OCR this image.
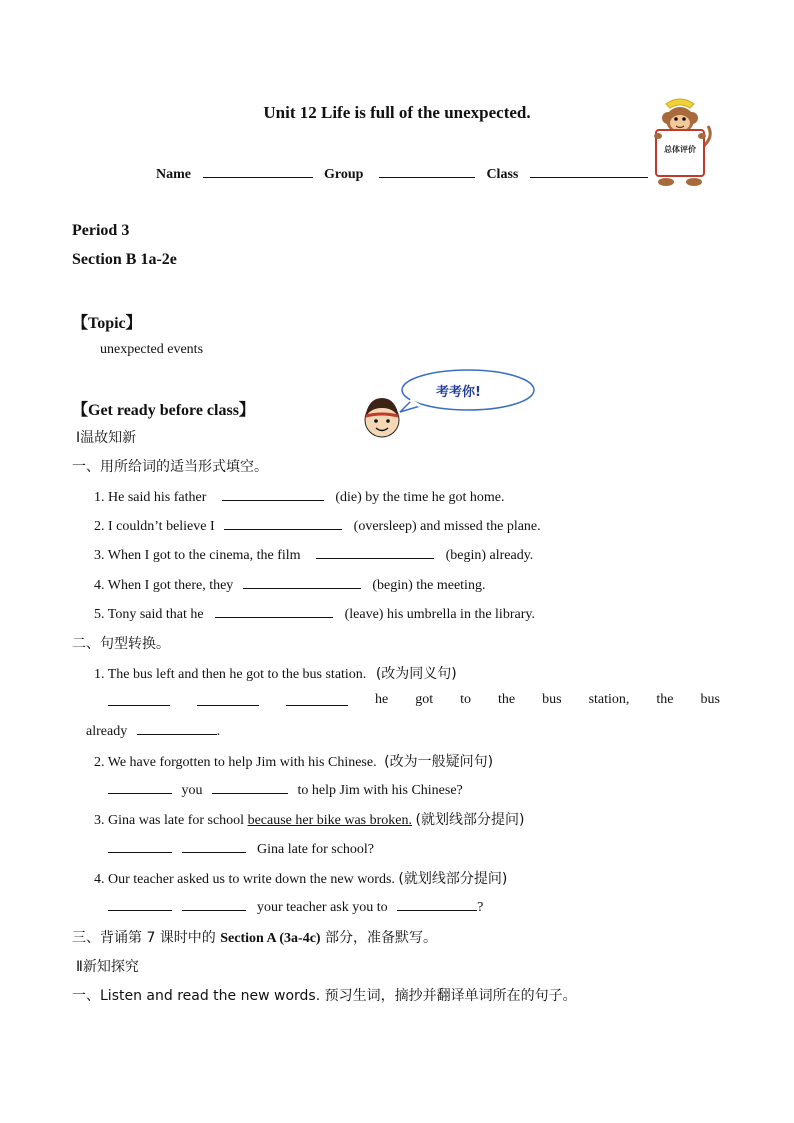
Unit 12 Life is full of the unexpected.
Name	Group	Class
总体评价
Period 3
Section B 1a-2e
【Topic】
unexpected events
【Get ready before class】
考考你!
Ⅰ温故知新
一、用所给词的适当形式填空。
1. He said his father	(die) by the time he got home.
2. I couldn’t believe I	(oversleep) and missed the plane.
3. When I got to the cinema, the film	(begin) already.
4. When I got there, they	(begin) the meeting.
5. Tony said that he	(leave) his umbrella in the library.
二、句型转换。
1. The bus left and then he got to the bus station. (改为同义句)
he got to the bus station, the bus
already	.
2. We have forgotten to help Jim with his Chinese. (改为一般疑问句)
you	to help Jim with his Chinese?
3. Gina was late for school because her bike was broken. (就划线部分提问)
Gina late for school?
4. Our teacher asked us to write down the new words. (就划线部分提问)
your teacher ask you to	?
三、背诵第 7 课时中的 Section A (3a-4c) 部分，准备默写。
Ⅱ新知探究
一、Listen and read the new words. 预习生词，摘抄并翻译单词所在的句子。
